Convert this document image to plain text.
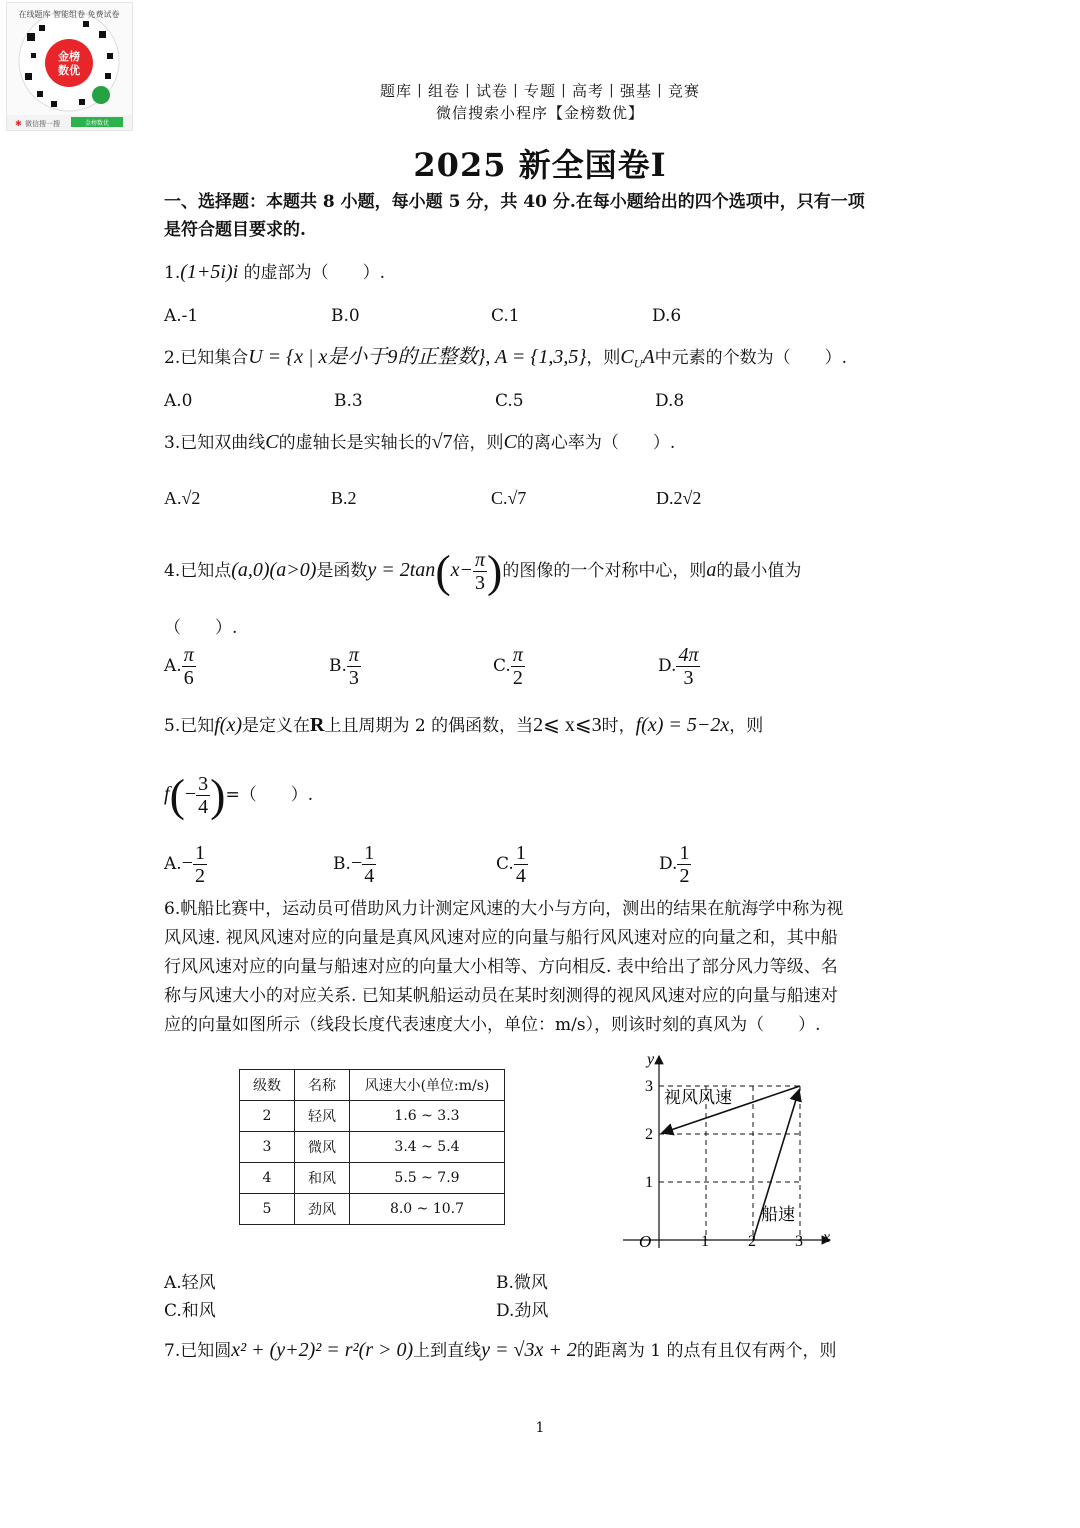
金榜
数优
在线题库 智能组卷 免费试卷
✱ 微信搜一搜	金榜数优
题库丨组卷丨试卷丨专题丨高考丨强基丨竞赛
微信搜索小程序【金榜数优】
2025 新全国卷Ⅰ
一、选择题：本题共 8 小题，每小题 5 分，共 40 分.在每小题给出的四个选项中，只有一项
是符合题目要求的.
1.(1+5i)i 的虚部为（　　）.
A.-1	B.0	C.1	D.6
2.已知集合U = {x | x是小于9的正整数}, A = {1,3,5}，则$C_UA$中元素的个数为（　　）.
A.0	B.3	C.5	D.8
3.已知双曲线C的虚轴长是实轴长的√7倍，则C的离心率为（　　）.
A.√2	B.2	C.√7	D.2√2
4.已知点(a,0)(a>0)是函数$y = 2\tan(x- \frac{\pi}{3}$ )的图像的一个对称中心，则a的最小值为
（　　）.
A. $\frac{\pi}{6}$	B. $\frac{\pi}{3}$	C. $\frac{\pi}{2}$	D. $\frac{4\pi}{3}$
5.已知f(x)是定义在R上且周期为 2 的偶函数，当2⩽ x⩽3时，f(x) = 5−2x，则
$f(- \frac{3}{4}$ )=（　　）.
$A.- \frac{1}{2}$	$B.- \frac{1}{4}$	C. $\frac{1}{4}$	D. $\frac{1}{2}$
6.帆船比赛中，运动员可借助风力计测定风速的大小与方向，测出的结果在航海学中称为视
风风速. 视风风速对应的向量是真风风速对应的向量与船行风风速对应的向量之和，其中船
行风风速对应的向量与船速对应的向量大小相等、方向相反. 表中给出了部分风力等级、名
称与风速大小的对应关系. 已知某帆船运动员在某时刻测得的视风风速对应的向量与船速对
应的向量如图所示（线段长度代表速度大小，单位：m/s），则该时刻的真风为（　　）.
级数	名称	风速大小(单位:m/s)
2	轻风	1.6 ~ 3.3
3	微风	3.4 ~ 5.4
4	和风	5.5 ~ 7.9
5	劲风	8.0 ~ 10.7
y
x
O	1 2 3
1
2
3
视风风速
船速
A.轻风	B.微风
C.和风	D.劲风
7.已知圆x² + (y+2)² = r²(r > 0)上到直线y = √3x + 2的距离为 1 的点有且仅有两个，则
1
